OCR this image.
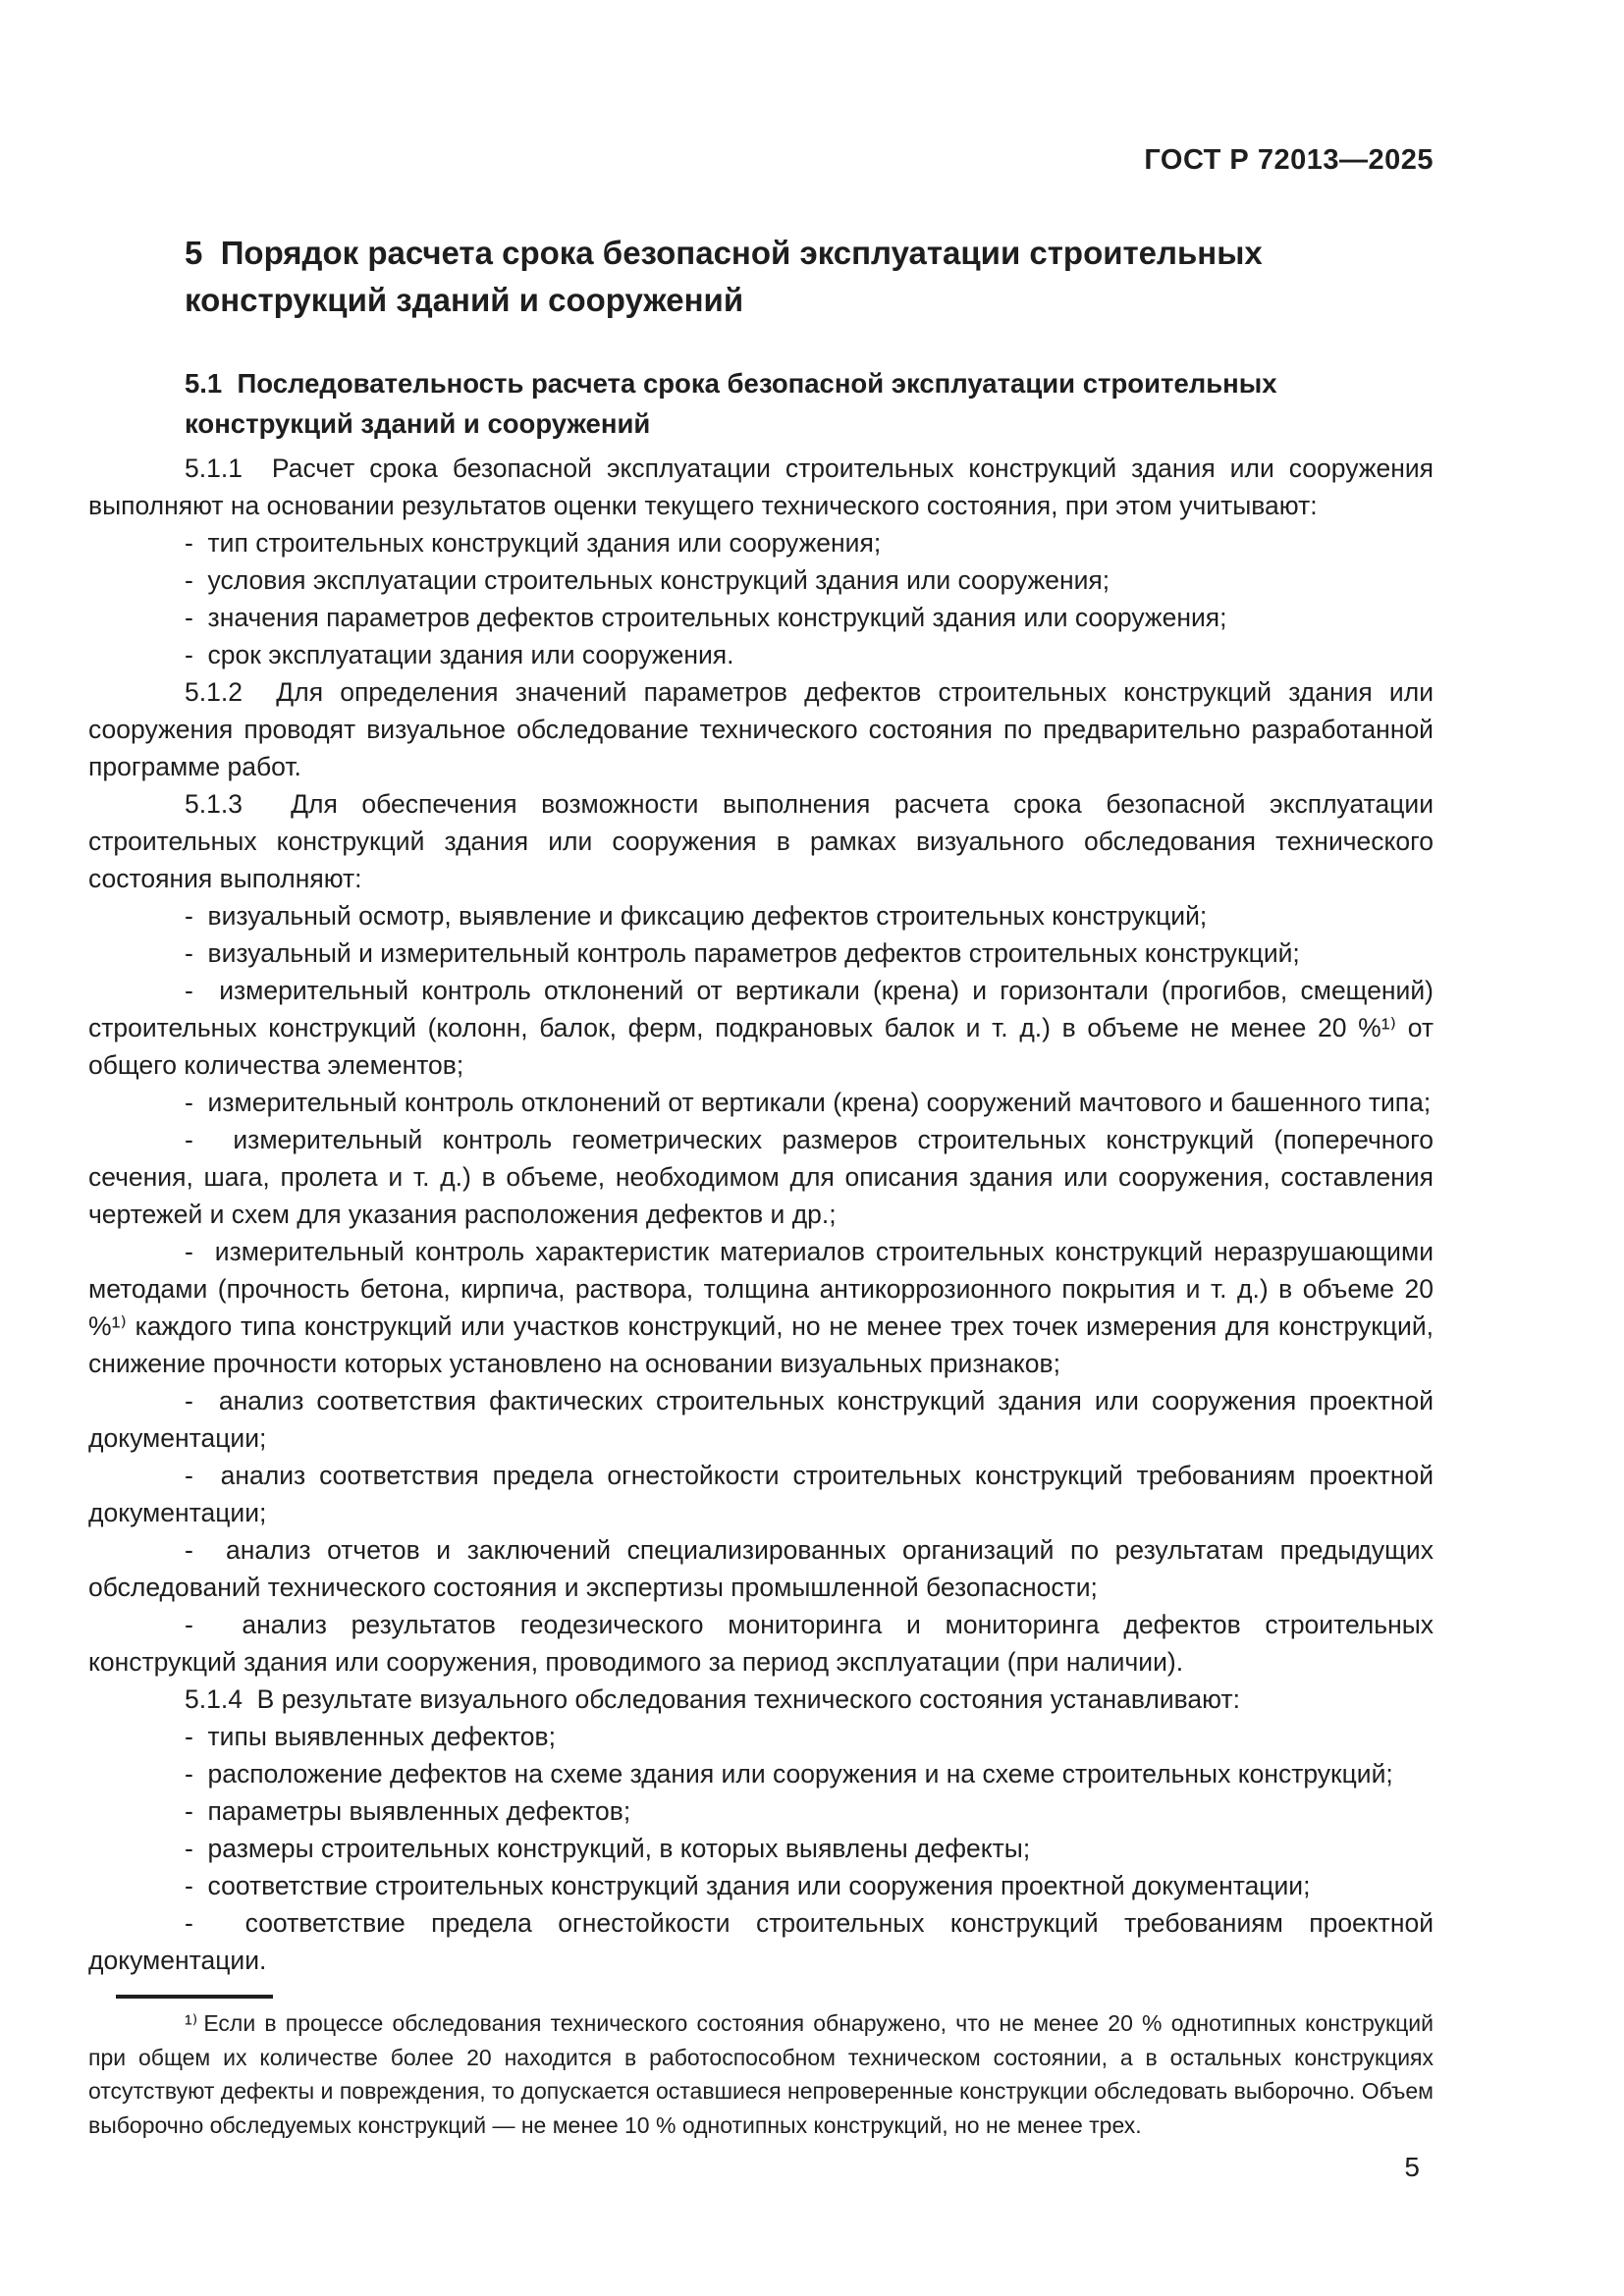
ГОСТ Р 72013—2025
5  Порядок расчета срока безопасной эксплуатации строительных конструкций зданий и сооружений
5.1  Последовательность расчета срока безопасной эксплуатации строительных конструкций зданий и сооружений

5.1.1  Расчет срока безопасной эксплуатации строительных конструкций здания или сооружения выполняют на основании результатов оценки текущего технического состояния, при этом учитывают:

-  тип строительных конструкций здания или сооружения;

-  условия эксплуатации строительных конструкций здания или сооружения;

-  значения параметров дефектов строительных конструкций здания или сооружения;

-  срок эксплуатации здания или сооружения.

5.1.2  Для определения значений параметров дефектов строительных конструкций здания или сооружения проводят визуальное обследование технического состояния по предварительно разработанной программе работ.

5.1.3  Для обеспечения возможности выполнения расчета срока безопасной эксплуатации строительных конструкций здания или сооружения в рамках визуального обследования технического состояния выполняют:

-  визуальный осмотр, выявление и фиксацию дефектов строительных конструкций;

-  визуальный и измерительный контроль параметров дефектов строительных конструкций;

-  измерительный контроль отклонений от вертикали (крена) и горизонтали (прогибов, смещений) строительных конструкций (колонн, балок, ферм, подкрановых балок и т. д.) в объеме не менее 20 %¹⁾ от общего количества элементов;

-  измерительный контроль отклонений от вертикали (крена) сооружений мачтового и башенного типа;

-  измерительный контроль геометрических размеров строительных конструкций (поперечного сечения, шага, пролета и т. д.) в объеме, необходимом для описания здания или сооружения, составления чертежей и схем для указания расположения дефектов и др.;

-  измерительный контроль характеристик материалов строительных конструкций неразрушающими методами (прочность бетона, кирпича, раствора, толщина антикоррозионного покрытия и т. д.) в объеме 20 %¹⁾ каждого типа конструкций или участков конструкций, но не менее трех точек измерения для конструкций, снижение прочности которых установлено на основании визуальных признаков;

-  анализ соответствия фактических строительных конструкций здания или сооружения проектной документации;

-  анализ соответствия предела огнестойкости строительных конструкций требованиям проектной документации;

-  анализ отчетов и заключений специализированных организаций по результатам предыдущих обследований технического состояния и экспертизы промышленной безопасности;

-  анализ результатов геодезического мониторинга и мониторинга дефектов строительных конструкций здания или сооружения, проводимого за период эксплуатации (при наличии).

5.1.4  В результате визуального обследования технического состояния устанавливают:

-  типы выявленных дефектов;

-  расположение дефектов на схеме здания или сооружения и на схеме строительных конструкций;

-  параметры выявленных дефектов;

-  размеры строительных конструкций, в которых выявлены дефекты;

-  соответствие строительных конструкций здания или сооружения проектной документации;

-  соответствие предела огнестойкости строительных конструкций требованиям проектной документации.

¹⁾ Если в процессе обследования технического состояния обнаружено, что не менее 20 % однотипных конструкций при общем их количестве более 20 находится в работоспособном техническом состоянии, а в остальных конструкциях отсутствуют дефекты и повреждения, то допускается оставшиеся непроверенные конструкции обследовать выборочно. Объем выборочно обследуемых конструкций — не менее 10 % однотипных конструкций, но не менее трех.

5
